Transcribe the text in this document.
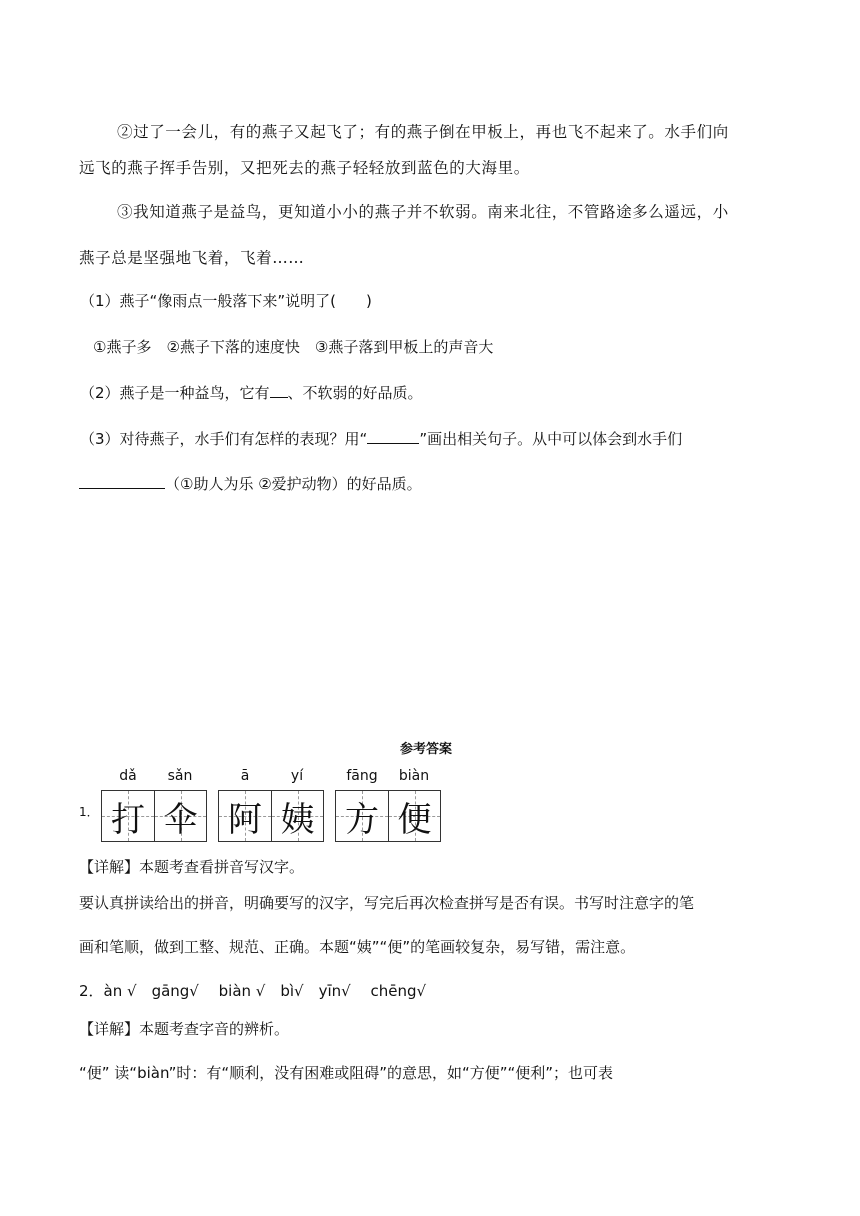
②过了一会儿，有的燕子又起飞了；有的燕子倒在甲板上，再也飞不起来了。水手们向
远飞的燕子挥手告别，又把死去的燕子轻轻放到蓝色的大海里。
③我知道燕子是益鸟，更知道小小的燕子并不软弱。南来北往，不管路途多么遥远，小
燕子总是坚强地飞着，飞着……
（1）燕子“像雨点一般落下来”说明了(　　)
①燕子多　②燕子下落的速度快　③燕子落到甲板上的声音大
（2）燕子是一种益鸟，它有 、不软弱的好品质。
（3）对待燕子，水手们有怎样的表现？用“	”画出相关句子。从中可以体会到水手们
（①助人为乐 ②爱护动物）的好品质。
参考答案
1．
dǎ	sǎn	ā	yí	fāng	biàn
打 伞 阿 姨 方 便
【详解】本题考查看拼音写汉字。
要认真拼读给出的拼音，明确要写的汉字，写完后再次检查拼写是否有误。书写时注意字的笔
画和笔顺，做到工整、规范、正确。本题“姨”“便”的笔画较复杂，易写错，需注意。
2．àn √　gāng√　 biàn √　bì√　yīn√　 chēng√
【详解】本题考查字音的辨析。
“便” 读“biàn”时：有“顺利，没有困难或阻碍”的意思，如“方便”“便利”；也可表
